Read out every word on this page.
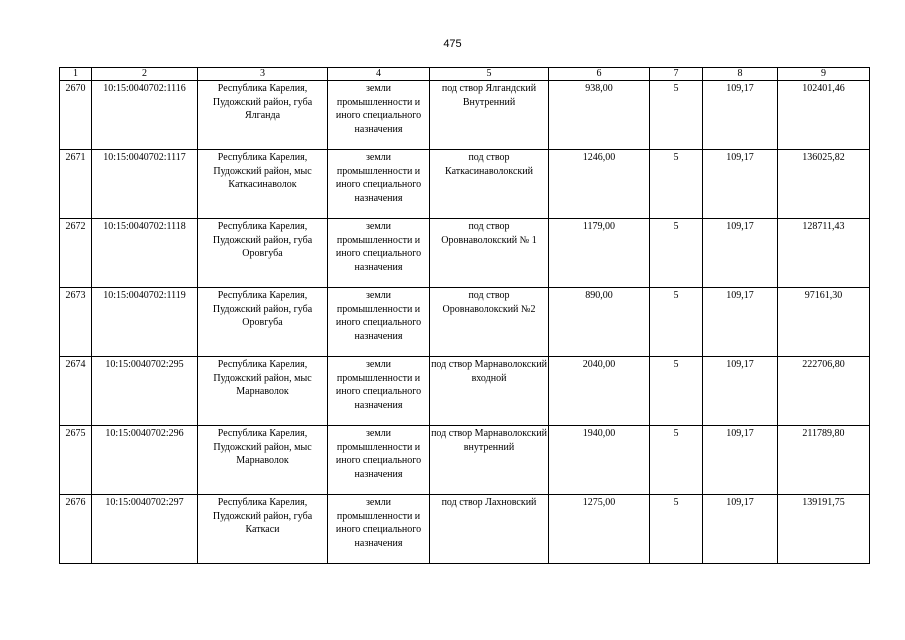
475
1	2	3	4	5	6	7	8	9
2670	10:15:0040702:1116	Республика Карелия, Пудожский район, губа Ялганда	земли промышленности и иного специального назначения	под створ Ялгандский Внутренний	938,00	5	109,17	102401,46
2671	10:15:0040702:1117	Республика Карелия, Пудожский район, мыс Каткасинаволок	земли промышленности и иного специального назначения	под створ Каткасинаволокский	1246,00	5	109,17	136025,82
2672	10:15:0040702:1118	Республика Карелия, Пудожский район, губа Оровгуба	земли промышленности и иного специального назначения	под створ Оровнаволокский № 1	1179,00	5	109,17	128711,43
2673	10:15:0040702:1119	Республика Карелия, Пудожский район, губа Оровгуба	земли промышленности и иного специального назначения	под створ Оровнаволокский №2	890,00	5	109,17	97161,30
2674	10:15:0040702:295	Республика Карелия, Пудожский район, мыс Марнаволок	земли промышленности и иного специального назначения	под створ Марнаволокский входной	2040,00	5	109,17	222706,80
2675	10:15:0040702:296	Республика Карелия, Пудожский район, мыс Марнаволок	земли промышленности и иного специального назначения	под створ Марнаволокский внутренний	1940,00	5	109,17	211789,80
2676	10:15:0040702:297	Республика Карелия, Пудожский район, губа Каткаси	земли промышленности и иного специального назначения	под створ Лахновский	1275,00	5	109,17	139191,75
